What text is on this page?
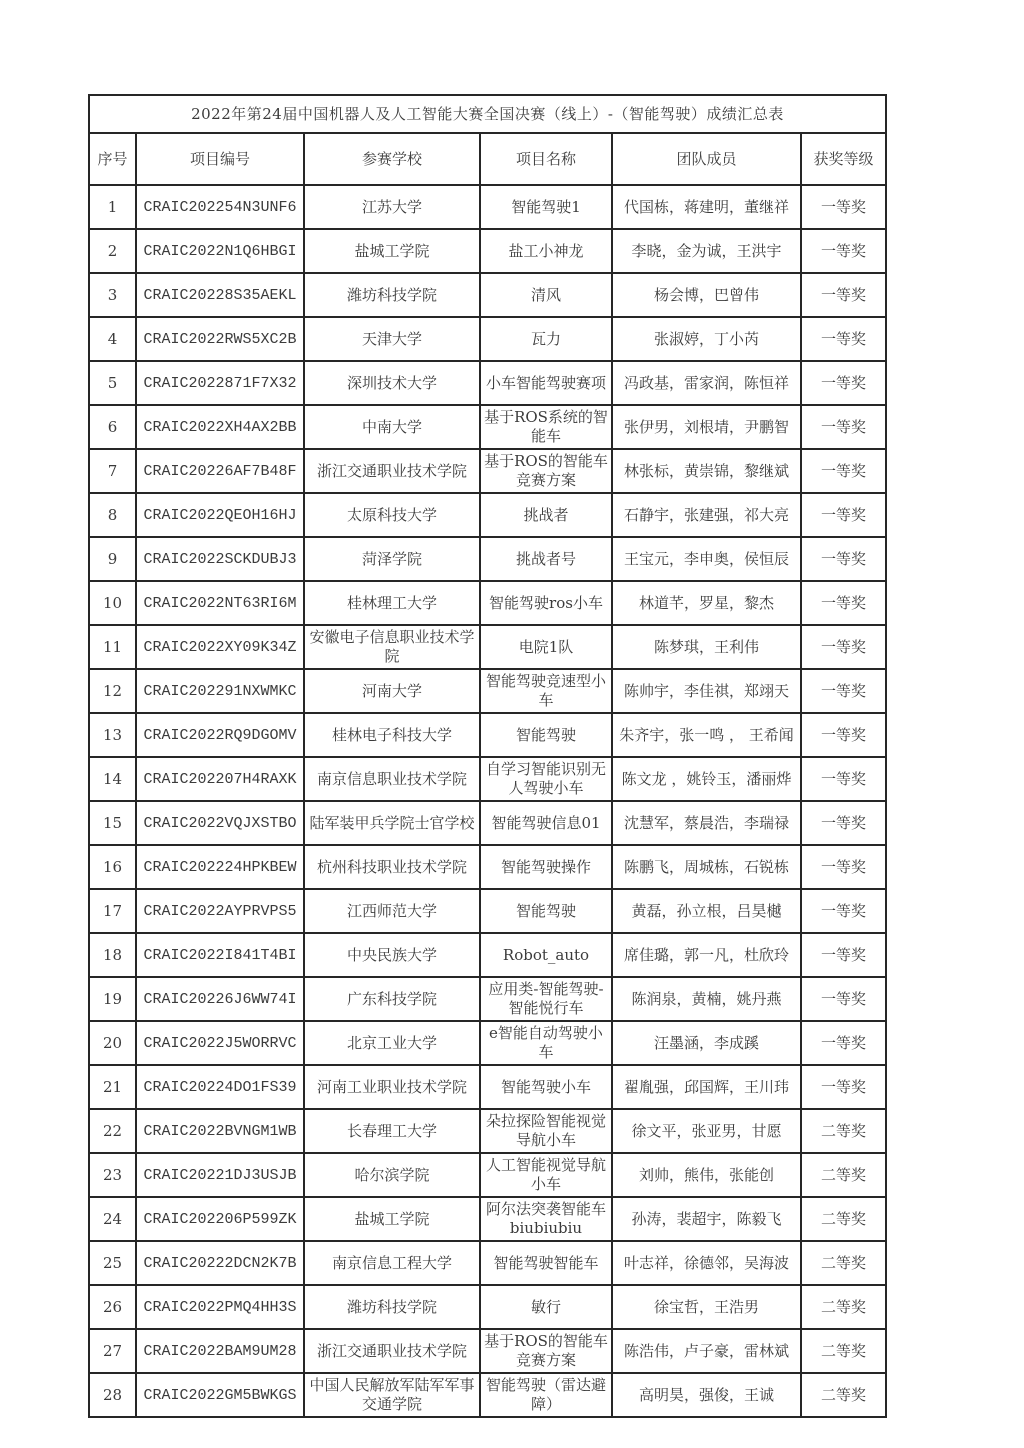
2022年第24届中国机器人及人工智能大赛全国决赛（线上）-（智能驾驶）成绩汇总表					
序号	项目编号	参赛学校	项目名称	团队成员	获奖等级
1	CRAIC202254N3UNF6	江苏大学	智能驾驶1	代国栋，蒋建明，董继祥	一等奖
2	CRAIC2022N1Q6HBGI	盐城工学院	盐工小神龙	李晓，金为诚，王洪宇	一等奖
3	CRAIC20228S35AEKL	潍坊科技学院	清风	杨会博，巴曾伟	一等奖
4	CRAIC2022RWS5XC2B	天津大学	瓦力	张淑婷，丁小芮	一等奖
5	CRAIC2022871F7X32	深圳技术大学	小车智能驾驶赛项	冯政基，雷家润，陈恒祥	一等奖
6	CRAIC2022XH4AX2BB	中南大学	基于ROS系统的智能车	张伊男，刘根埥，尹鹏智	一等奖
7	CRAIC20226AF7B48F	浙江交通职业技术学院	基于ROS的智能车竞赛方案	林张标，黄崇锦，黎继斌	一等奖
8	CRAIC2022QEOH16HJ	太原科技大学	挑战者	石静宇，张建强，祁大亮	一等奖
9	CRAIC2022SCKDUBJ3	菏泽学院	挑战者号	王宝元，李申奥，侯恒辰	一等奖
10	CRAIC2022NT63RI6M	桂林理工大学	智能驾驶ros小车	林道芊，罗星，黎杰	一等奖
11	CRAIC2022XY09K34Z	安徽电子信息职业技术学院	电院1队	陈梦琪，王利伟	一等奖
12	CRAIC202291NXWMKC	河南大学	智能驾驶竞速型小车	陈帅宇，李佳祺，郑翊天	一等奖
13	CRAIC2022RQ9DGOMV	桂林电子科技大学	智能驾驶	朱齐宇，张一鸣 ， 王希闻	一等奖
14	CRAIC202207H4RAXK	南京信息职业技术学院	自学习智能识别无人驾驶小车	陈文龙 ，姚铃玉，潘丽烨	一等奖
15	CRAIC2022VQJXSTBO	陆军装甲兵学院士官学校	智能驾驶信息01	沈慧军，蔡晨浩，李瑞禄	一等奖
16	CRAIC202224HPKBEW	杭州科技职业技术学院	智能驾驶操作	陈鹏飞，周城栋，石锐栋	一等奖
17	CRAIC2022AYPRVPS5	江西师范大学	智能驾驶	黄磊，孙立根，吕昊樾	一等奖
18	CRAIC2022I841T4BI	中央民族大学	Robot_auto	席佳璐，郭一凡，杜欣玲	一等奖
19	CRAIC20226J6WW74I	广东科技学院	应用类-智能驾驶-智能悦行车	陈润泉，黄楠，姚丹燕	一等奖
20	CRAIC2022J5WORRVC	北京工业大学	e智能自动驾驶小车	汪墨涵，李成蹊	一等奖
21	CRAIC20224DO1FS39	河南工业职业技术学院	智能驾驶小车	翟胤强，邱国辉，王川玮	一等奖
22	CRAIC2022BVNGM1WB	长春理工大学	朵拉探险智能视觉导航小车	徐文平，张亚男，甘愿	二等奖
23	CRAIC20221DJ3USJB	哈尔滨学院	人工智能视觉导航小车	刘帅，熊伟，张能创	二等奖
24	CRAIC202206P599ZK	盐城工学院	阿尔法突袭智能车 biubiubiu	孙涛，裴超宇，陈毅飞	二等奖
25	CRAIC20222DCN2K7B	南京信息工程大学	智能驾驶智能车	叶志祥，徐德邻，吴海波	二等奖
26	CRAIC2022PMQ4HH3S	潍坊科技学院	敏行	徐宝哲，王浩男	二等奖
27	CRAIC2022BAM9UM28	浙江交通职业技术学院	基于ROS的智能车竞赛方案	陈浩伟，卢子豪，雷林斌	二等奖
28	CRAIC2022GM5BWKGS	中国人民解放军陆军军事交通学院	智能驾驶（雷达避障）	高明昊，强俊，王诚	二等奖
